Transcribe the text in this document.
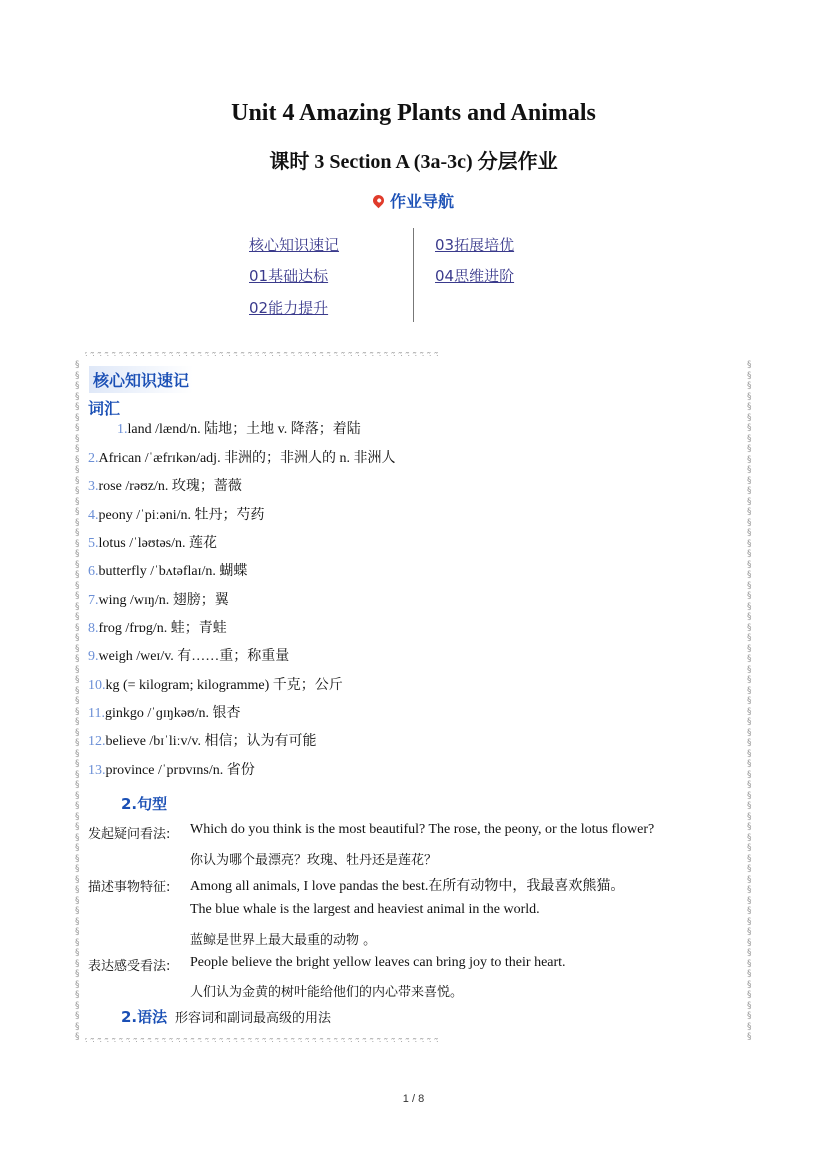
Unit 4 Amazing Plants and Animals
课时 3 Section A (3a-3c) 分层作业
作业导航
核心知识速记
01基础达标
02能力提升
03拓展培优
04思维进阶
ᐧ᷉ ᐧ᷉ ᐧ᷉ ᐧ᷉ ᐧ᷉ ᐧ᷉ ᐧ᷉ ᐧ᷉ ᐧ᷉ ᐧ᷉ ᐧ᷉ ᐧ᷉ ᐧ᷉ ᐧ᷉ ᐧ᷉ ᐧ᷉ ᐧ᷉ ᐧ᷉ ᐧ᷉ ᐧ᷉ ᐧ᷉ ᐧ᷉ ᐧ᷉ ᐧ᷉ ᐧ᷉ ᐧ᷉ ᐧ᷉ ᐧ᷉ ᐧ᷉ ᐧ᷉ ᐧ᷉ ᐧ᷉ ᐧ᷉ ᐧ᷉ ᐧ᷉ ᐧ᷉ ᐧ᷉ ᐧ᷉ ᐧ᷉ ᐧ᷉ ᐧ᷉ ᐧ᷉ ᐧ᷉ ᐧ᷉ ᐧ᷉ ᐧ᷉ ᐧ᷉ ᐧ᷉ ᐧ᷉ ᐧ᷉
ᐧ᷉ ᐧ᷉ ᐧ᷉ ᐧ᷉ ᐧ᷉ ᐧ᷉ ᐧ᷉ ᐧ᷉ ᐧ᷉ ᐧ᷉ ᐧ᷉ ᐧ᷉ ᐧ᷉ ᐧ᷉ ᐧ᷉ ᐧ᷉ ᐧ᷉ ᐧ᷉ ᐧ᷉ ᐧ᷉ ᐧ᷉ ᐧ᷉ ᐧ᷉ ᐧ᷉ ᐧ᷉ ᐧ᷉ ᐧ᷉ ᐧ᷉ ᐧ᷉ ᐧ᷉ ᐧ᷉ ᐧ᷉ ᐧ᷉ ᐧ᷉ ᐧ᷉ ᐧ᷉ ᐧ᷉ ᐧ᷉ ᐧ᷉ ᐧ᷉ ᐧ᷉ ᐧ᷉ ᐧ᷉ ᐧ᷉ ᐧ᷉ ᐧ᷉ ᐧ᷉ ᐧ᷉ ᐧ᷉ ᐧ᷉
§
§
§
§
§
§
§
§
§
§
§
§
§
§
§
§
§
§
§
§
§
§
§
§
§
§
§
§
§
§
§
§
§
§
§
§
§
§
§
§
§
§
§
§
§
§
§
§
§
§
§
§
§
§
§
§
§
§
§
§
§
§
§
§
§
§
§
§
§
§
§
§
§
§
§
§
§
§
§
§
§
§
§
§
§
§
§
§
§
§
§
§
§
§
§
§
§
§
§
§
§
§
§
§
§
§
§
§
§
§
§
§
§
§
§
§
§
§
§
§
§
§
§
§
§
§
§
§
§
§
核心知识速记
词汇
1.land /lænd/n. 陆地；土地 v. 降落；着陆
2.African /ˈæfrɪkən/adj. 非洲的；非洲人的 n. 非洲人
3.rose /rəʊz/n. 玫瑰；蔷薇
4.peony /ˈpiːəni/n. 牡丹；芍药
5.lotus /ˈləʊtəs/n. 莲花
6.butterfly /ˈbʌtəflaɪ/n. 蝴蝶
7.wing /wɪŋ/n. 翅膀；翼
8.frog /frɒg/n. 蛙；青蛙
9.weigh /weɪ/v. 有……重；称重量
10.kg (= kilogram; kilogramme) 千克；公斤
11.ginkgo /ˈɡɪŋkəʊ/n. 银杏
12.believe /bɪˈliːv/v. 相信；认为有可能
13.province /ˈprɒvɪns/n. 省份
2.句型
发起疑问看法: Which do you think is the most beautiful? The rose, the peony, or the lotus flower?
你认为哪个最漂亮？玫瑰、牡丹还是莲花？
描述事物特征: Among all animals, I love pandas the best.在所有动物中，我最喜欢熊猫。
The blue whale is the largest and heaviest animal in the world.
蓝鲸是世界上最大最重的动物 。
表达感受看法: People believe the bright yellow leaves can bring joy to their heart.
人们认为金黄的树叶能给他们的内心带来喜悦。
2.语法 形容词和副词最高级的用法
1 / 8
